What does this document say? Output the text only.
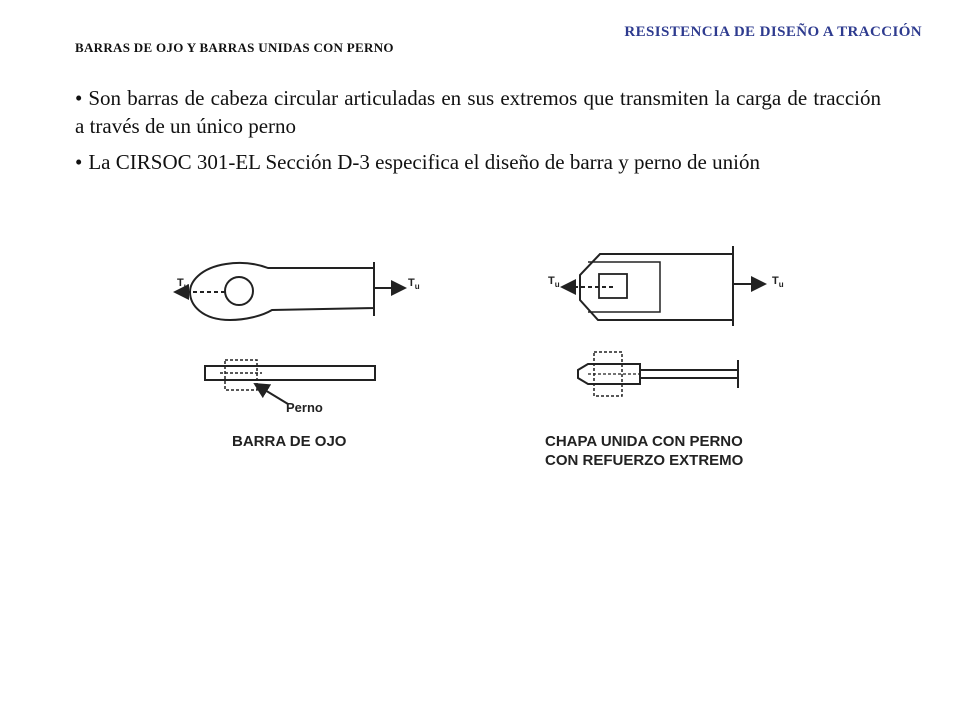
RESISTENCIA DE DISEÑO A TRACCIÓN
BARRAS DE OJO Y BARRAS UNIDAS CON PERNO

• Son barras de cabeza circular articuladas en sus extremos que transmiten la carga de tracción a través de un único perno

• La CIRSOC 301-EL Sección D-3 especifica el diseño de barra y perno de unión

$T_u$	$T_u$
Perno
$T_u$	$T_u$
BARRA DE OJO	CHAPA UNIDA CON PERNO
CON REFUERZO EXTREMO
